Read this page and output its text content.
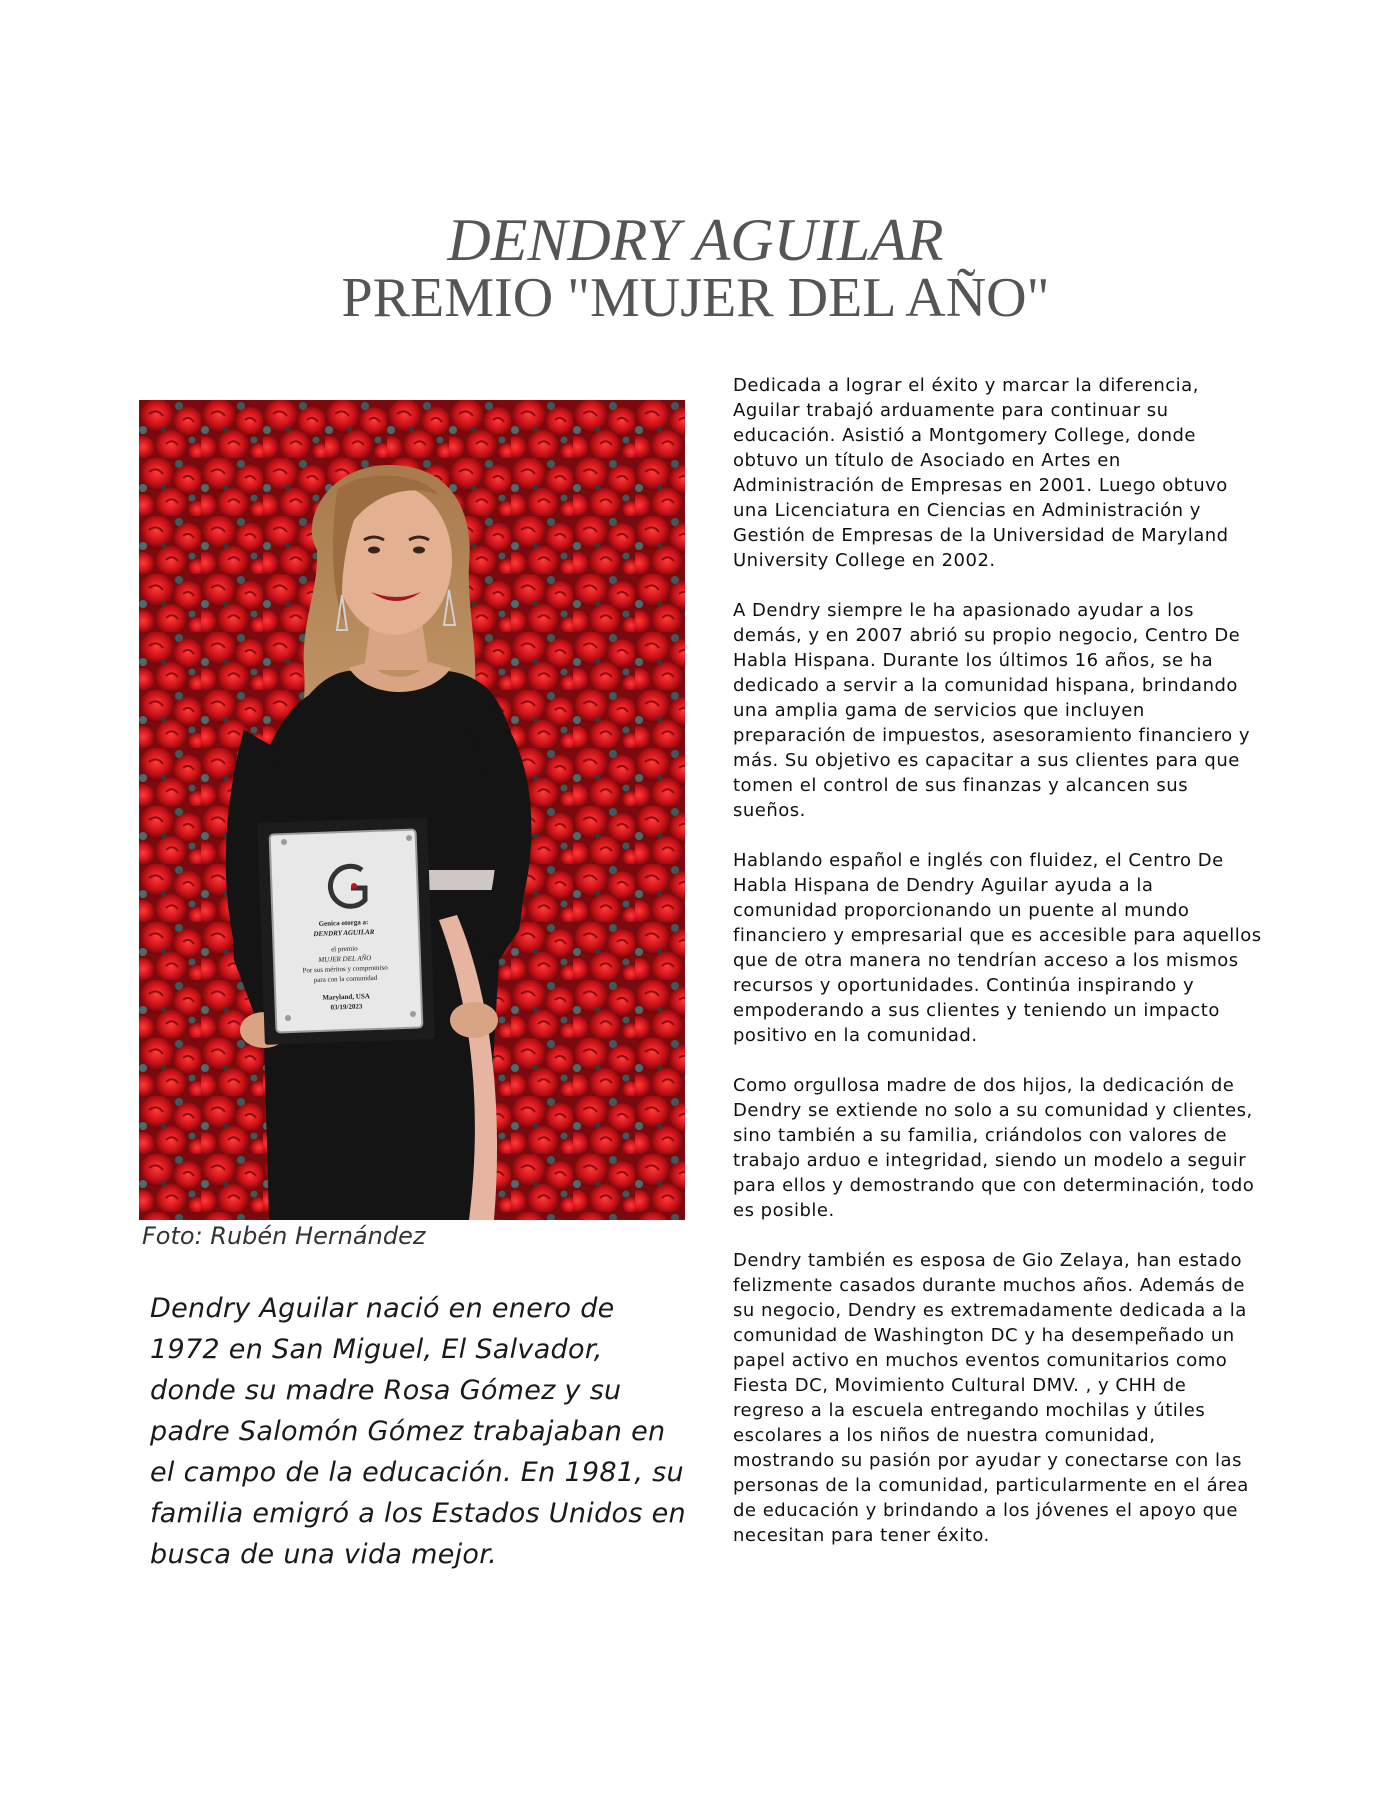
DENDRY AGUILAR
PREMIO "MUJER DEL AÑO"
Genica otorga a:
DENDRY AGUILAR
el premio
MUJER DEL AÑO
Por sus méritos y compromiso
para con la comunidad
Maryland, USA
03/19/2023
Foto: Rubén Hernández
Dendry Aguilar nació en enero de 1972 en San Miguel, El Salvador, donde su madre Rosa Gómez y su padre Salomón Gómez trabajaban en el campo de la educación. En 1981, su familia emigró a los Estados Unidos en busca de una vida mejor.

Dedicada a lograr el éxito y marcar la diferencia, Aguilar trabajó arduamente para continuar su educación. Asistió a Montgomery College, donde obtuvo un título de Asociado en Artes en Administración de Empresas en 2001. Luego obtuvo una Licenciatura en Ciencias en Administración y Gestión de Empresas de la Universidad de Maryland University College en 2002.

A Dendry siempre le ha apasionado ayudar a los demás, y en 2007 abrió su propio negocio, Centro De Habla Hispana. Durante los últimos 16 años, se ha dedicado a servir a la comunidad hispana, brindando una amplia gama de servicios que incluyen preparación de impuestos, asesoramiento financiero y más. Su objetivo es capacitar a sus clientes para que tomen el control de sus finanzas y alcancen sus sueños.

Hablando español e inglés con fluidez, el Centro De Habla Hispana de Dendry Aguilar ayuda a la comunidad proporcionando un puente al mundo financiero y empresarial que es accesible para aquellos que de otra manera no tendrían acceso a los mismos recursos y oportunidades. Continúa inspirando y empoderando a sus clientes y teniendo un impacto positivo en la comunidad.

Como orgullosa madre de dos hijos, la dedicación de Dendry se extiende no solo a su comunidad y clientes, sino también a su familia, criándolos con valores de trabajo arduo e integridad, siendo un modelo a seguir para ellos y demostrando que con determinación, todo es posible.

Dendry también es esposa de Gio Zelaya, han estado felizmente casados durante muchos años. Además de su negocio, Dendry es extremadamente dedicada a la comunidad de Washington DC y ha desempeñado un papel activo en muchos eventos comunitarios como Fiesta DC, Movimiento Cultural DMV. , y CHH de regreso a la escuela entregando mochilas y útiles escolares a los niños de nuestra comunidad, mostrando su pasión por ayudar y conectarse con las personas de la comunidad, particularmente en el área de educación y brindando a los jóvenes el apoyo que necesitan para tener éxito.
